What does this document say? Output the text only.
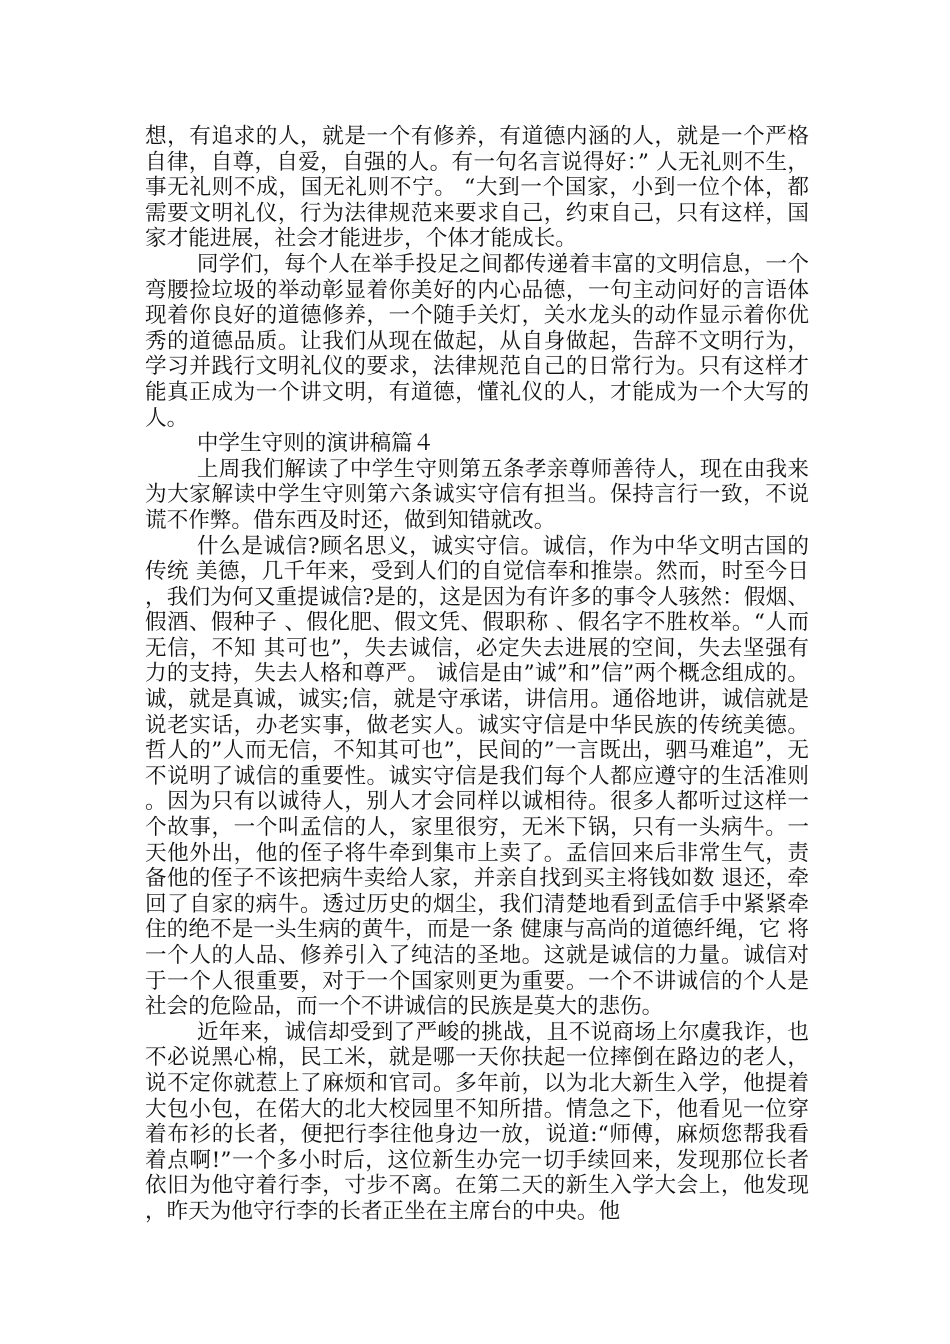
想，有追求的人，就是一个有修养，有道德内涵的人，就是一个严格自律，自尊，自爱，自强的人。有一句名言说得好：” 人无礼则不生，事无礼则不成，国无礼则不宁。 “大到一个国家，小到一位个体，都需要文明礼仪，行为法律规范来要求自己，约束自己，只有这样，国家才能进展，社会才能进步，个体才能成长。

同学们，每个人在举手投足之间都传递着丰富的文明信息，一个弯腰捡垃圾的举动彰显着你美好的内心品德，一句主动问好的言语体现着你良好的道德修养，一个随手关灯，关水龙头的动作显示着你优秀的道德品质。让我们从现在做起，从自身做起，告辞不文明行为，学习并践行文明礼仪的要求，法律规范自己的日常行为。只有这样才能真正成为一个讲文明，有道德，懂礼仪的人，才能成为一个大写的人。

中学生守则的演讲稿篇４

上周我们解读了中学生守则第五条孝亲尊师善待人，现在由我来为大家解读中学生守则第六条诚实守信有担当。保持言行一致，不说谎不作弊。借东西及时还，做到知错就改。

什么是诚信?顾名思义，诚实守信。诚信，作为中华文明古国的传统 美德，几千年来，受到人们的自觉信奉和推崇。然而，时至今日，我们为何又重提诚信?是的，这是因为有许多的事令人骇然：假烟、假酒、假种子 、假化肥、假文凭、假职称 、假名字不胜枚举。“人而无信，不知 其可也”，失去诚信，必定失去进展的空间，失去坚强有力的支持，失去人格和尊严。 诚信是由”诚”和”信”两个概念组成的。诚，就是真诚，诚实;信，就是守承诺，讲信用。通俗地讲，诚信就是说老实话，办老实事，做老实人。诚实守信是中华民族的传统美德。哲人的”人而无信，不知其可也”，民间的”一言既出，驷马难追”，无不说明了诚信的重要性。诚实守信是我们每个人都应遵守的生活准则。因为只有以诚待人，别人才会同样以诚相待。很多人都听过这样一个故事，一个叫孟信的人，家里很穷，无米下锅，只有一头病牛。一天他外出，他的侄子将牛牵到集市上卖了。孟信回来后非常生气，责备他的侄子不该把病牛卖给人家，并亲自找到买主将钱如数 退还，牵回了自家的病牛。透过历史的烟尘，我们清楚地看到孟信手中紧紧牵住的绝不是一头生病的黄牛，而是一条 健康与高尚的道德纤绳，它 将一个人的人品、修养引入了纯洁的圣地。这就是诚信的力量。诚信对于一个人很重要，对于一个国家则更为重要。一个不讲诚信的个人是社会的危险品，而一个不讲诚信的民族是莫大的悲伤。

近年来，诚信却受到了严峻的挑战，且不说商场上尔虞我诈，也不必说黑心棉，民工米，就是哪一天你扶起一位摔倒在路边的老人，说不定你就惹上了麻烦和官司。多年前，以为北大新生入学，他提着大包小包，在偌大的北大校园里不知所措。情急之下，他看见一位穿着布衫的长者，便把行李往他身边一放，说道:“师傅，麻烦您帮我看着点啊!”一个多小时后，这位新生办完一切手续回来，发现那位长者依旧为他守着行李，寸步不离。在第二天的新生入学大会上，他发现，昨天为他守行李的长者正坐在主席台的中央。他
